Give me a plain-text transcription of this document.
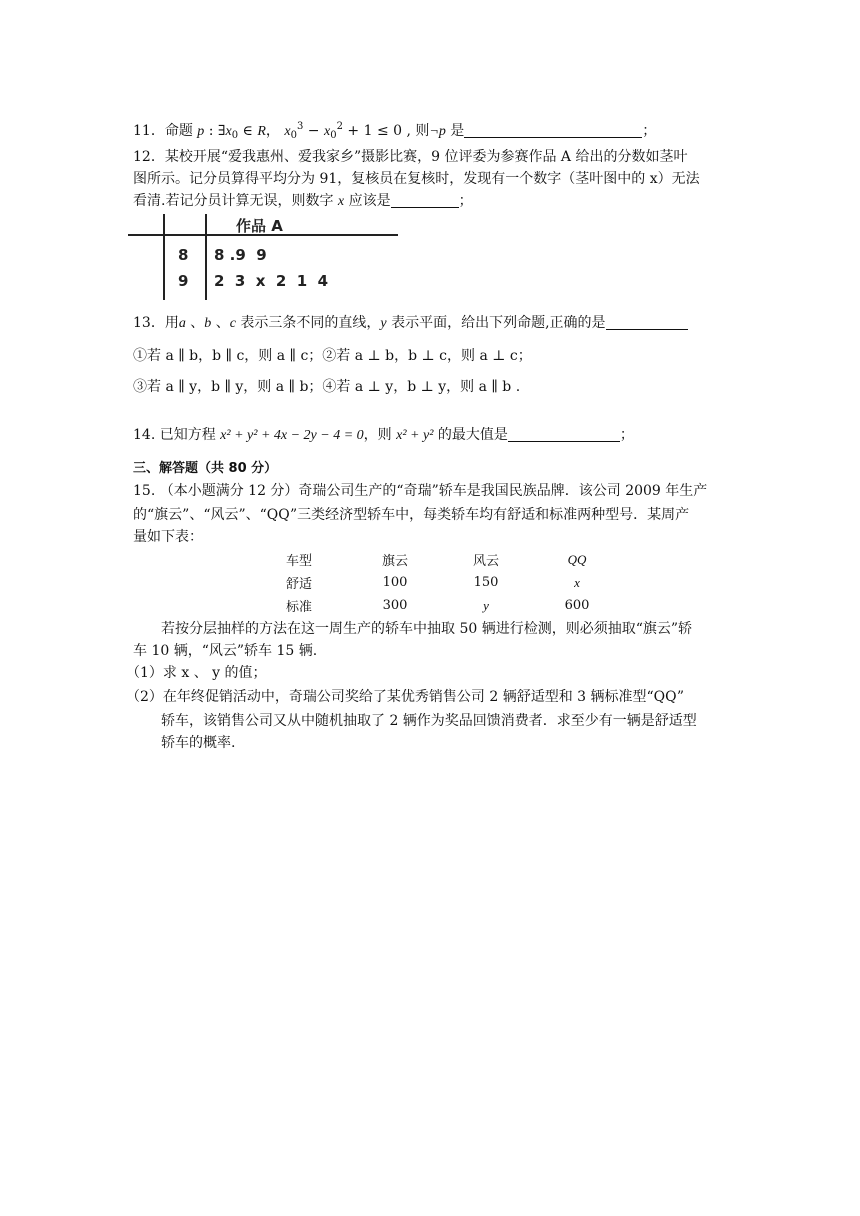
11．命题 p : $\exists x_0$ ∈ R， $x_0^3 - x_0^2 + 1 \le 0$ , 则¬p 是	；
12．某校开展“爱我惠州、爱我家乡”摄影比赛，9 位评委为参赛作品 A 给出的分数如茎叶
图所示。记分员算得平均分为 91，复核员在复核时，发现有一个数字（茎叶图中的 x）无法
看清.若记分员计算无误，则数字 x 应该是	；
作品 A
8 8 .9  9
9 2  3  x  2  1  4
13．用a 、b 、c 表示三条不同的直线，y 表示平面，给出下列命题,正确的是
①若 a ∥ b，b ∥ c，则 a ∥ c；②若 a ⊥ b，b ⊥ c，则 a ⊥ c；
③若 a ∥ y，b ∥ y，则 a ∥ b；④若 a ⊥ y，b ⊥ y，则 a ∥ b .
14. 已知方程 x² + y² + 4x − 2y − 4 = 0，则 x² + y² 的最大值是	；
三、解答题（共 80 分）
15. （本小题满分 12 分）奇瑞公司生产的“奇瑞”轿车是我国民族品牌．该公司 2009 年生产
的“旗云”、“风云”、“QQ”三类经济型轿车中，每类轿车均有舒适和标准两种型号．某周产
量如下表：
车型	旗云	风云	QQ
舒适	100	150	x
标准	300	y	600
若按分层抽样的方法在这一周生产的轿车中抽取 50 辆进行检测，则必须抽取“旗云”轿
车 10 辆，“风云”轿车 15 辆.
（1）求 x 、 y 的值；
（2）在年终促销活动中，奇瑞公司奖给了某优秀销售公司 2 辆舒适型和 3 辆标准型“QQ”
轿车，该销售公司又从中随机抽取了 2 辆作为奖品回馈消费者．求至少有一辆是舒适型
轿车的概率.
